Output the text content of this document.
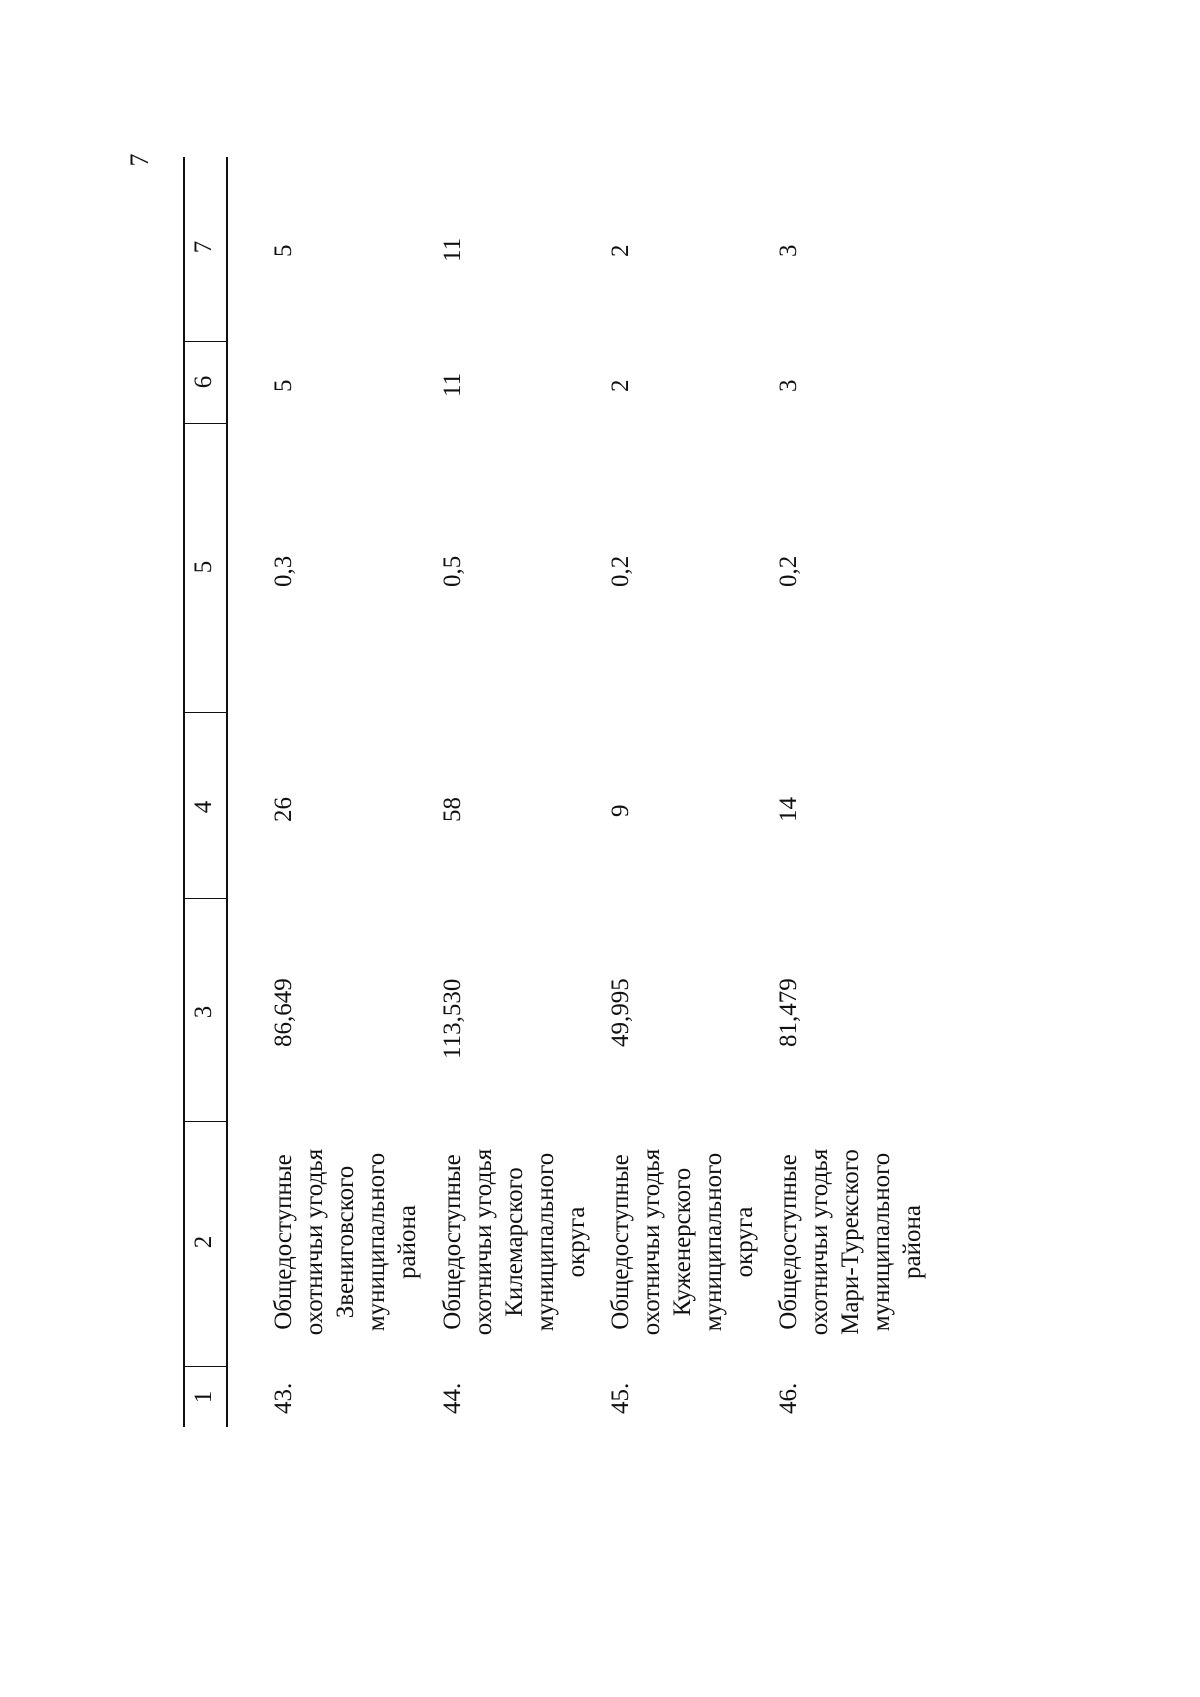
7
1
2
3
4
5
6
7
43.
Общедоступные охотничьи угодья Звениговского муниципального района
86,649
26
0,3
5
5
44.
Общедоступные охотничьи угодья Килемарского муниципального округа
113,530
58
0,5
11
11
45.
Общедоступные охотничьи угодья Куженерского муниципального округа
49,995
9
0,2
2
2
46.
Общедоступные охотничьи угодья Мари-Турекского муниципального района
81,479
14
0,2
3
3
